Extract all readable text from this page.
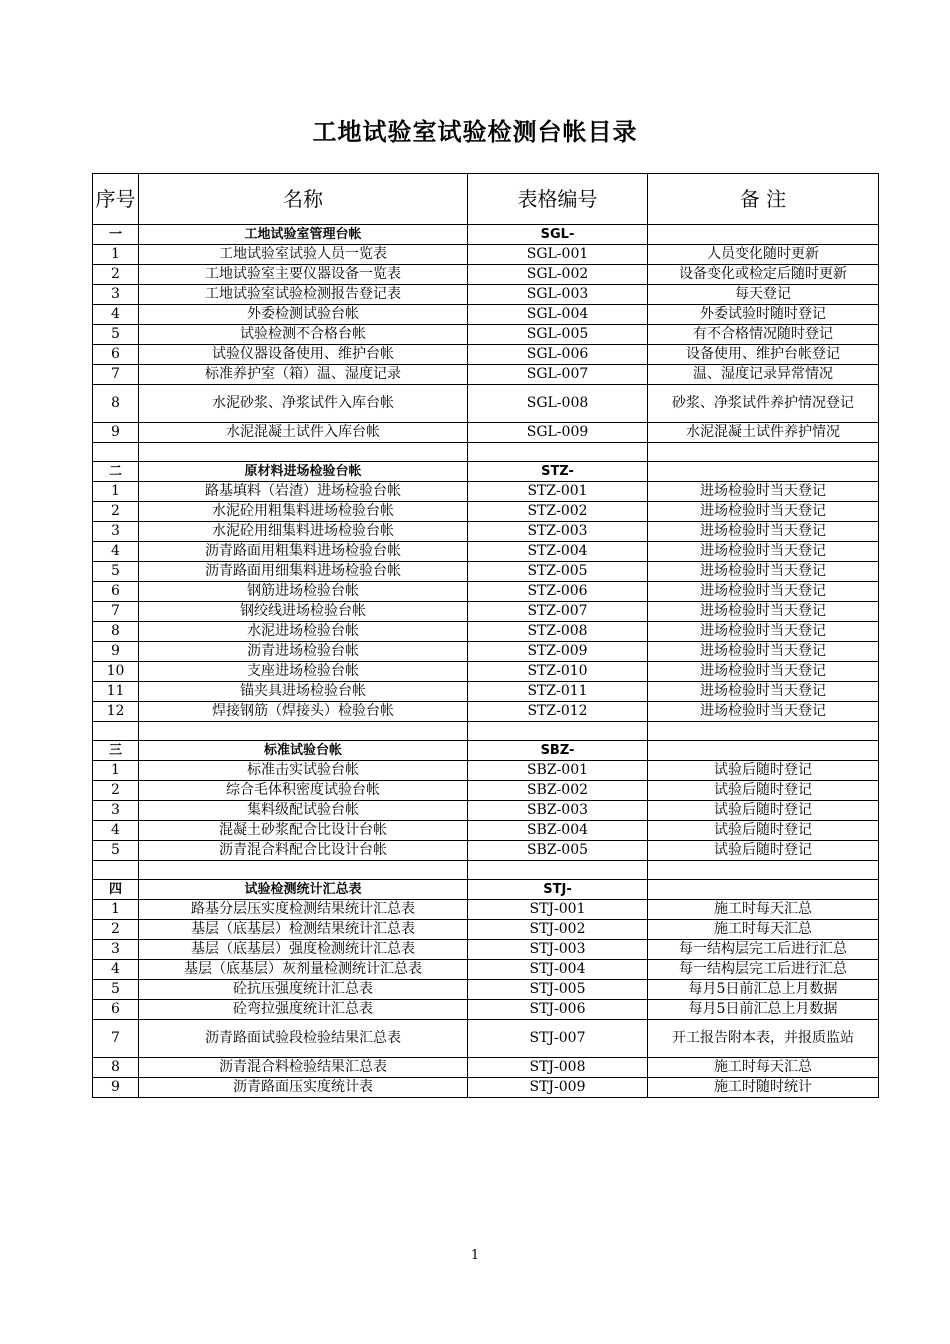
工地试验室试验检测台帐目录
序号	名称	表格编号	备 注
一	工地试验室管理台帐	SGL-	
1	工地试验室试验人员一览表	SGL-001	人员变化随时更新
2	工地试验室主要仪器设备一览表	SGL-002	设备变化或检定后随时更新
3	工地试验室试验检测报告登记表	SGL-003	每天登记
4	外委检测试验台帐	SGL-004	外委试验时随时登记
5	试验检测不合格台帐	SGL-005	有不合格情况随时登记
6	试验仪器设备使用、维护台帐	SGL-006	设备使用、维护台帐登记
7	标准养护室（箱）温、湿度记录	SGL-007	温、湿度记录异常情况
8	水泥砂浆、净浆试件入库台帐	SGL-008	砂浆、净浆试件养护情况登记
9	水泥混凝土试件入库台帐	SGL-009	水泥混凝土试件养护情况

二	原材料进场检验台帐	STZ-	
1	路基填料（岩渣）进场检验台帐	STZ-001	进场检验时当天登记
2	水泥砼用粗集料进场检验台帐	STZ-002	进场检验时当天登记
3	水泥砼用细集料进场检验台帐	STZ-003	进场检验时当天登记
4	沥青路面用粗集料进场检验台帐	STZ-004	进场检验时当天登记
5	沥青路面用细集料进场检验台帐	STZ-005	进场检验时当天登记
6	钢筋进场检验台帐	STZ-006	进场检验时当天登记
7	钢绞线进场检验台帐	STZ-007	进场检验时当天登记
8	水泥进场检验台帐	STZ-008	进场检验时当天登记
9	沥青进场检验台帐	STZ-009	进场检验时当天登记
10	支座进场检验台帐	STZ-010	进场检验时当天登记
11	锚夹具进场检验台帐	STZ-011	进场检验时当天登记
12	焊接钢筋（焊接头）检验台帐	STZ-012	进场检验时当天登记

三	标准试验台帐	SBZ-	
1	标准击实试验台帐	SBZ-001	试验后随时登记
2	综合毛体积密度试验台帐	SBZ-002	试验后随时登记
3	集料级配试验台帐	SBZ-003	试验后随时登记
4	混凝土砂浆配合比设计台帐	SBZ-004	试验后随时登记
5	沥青混合料配合比设计台帐	SBZ-005	试验后随时登记

四	试验检测统计汇总表	STJ-	
1	路基分层压实度检测结果统计汇总表	STJ-001	施工时每天汇总
2	基层（底基层）检测结果统计汇总表	STJ-002	施工时每天汇总
3	基层（底基层）强度检测统计汇总表	STJ-003	每一结构层完工后进行汇总
4	基层（底基层）灰剂量检测统计汇总表	STJ-004	每一结构层完工后进行汇总
5	砼抗压强度统计汇总表	STJ-005	每月5日前汇总上月数据
6	砼弯拉强度统计汇总表	STJ-006	每月5日前汇总上月数据
7	沥青路面试验段检验结果汇总表	STJ-007	开工报告附本表，并报质监站
8	沥青混合料检验结果汇总表	STJ-008	施工时每天汇总
9	沥青路面压实度统计表	STJ-009	施工时随时统计
1
